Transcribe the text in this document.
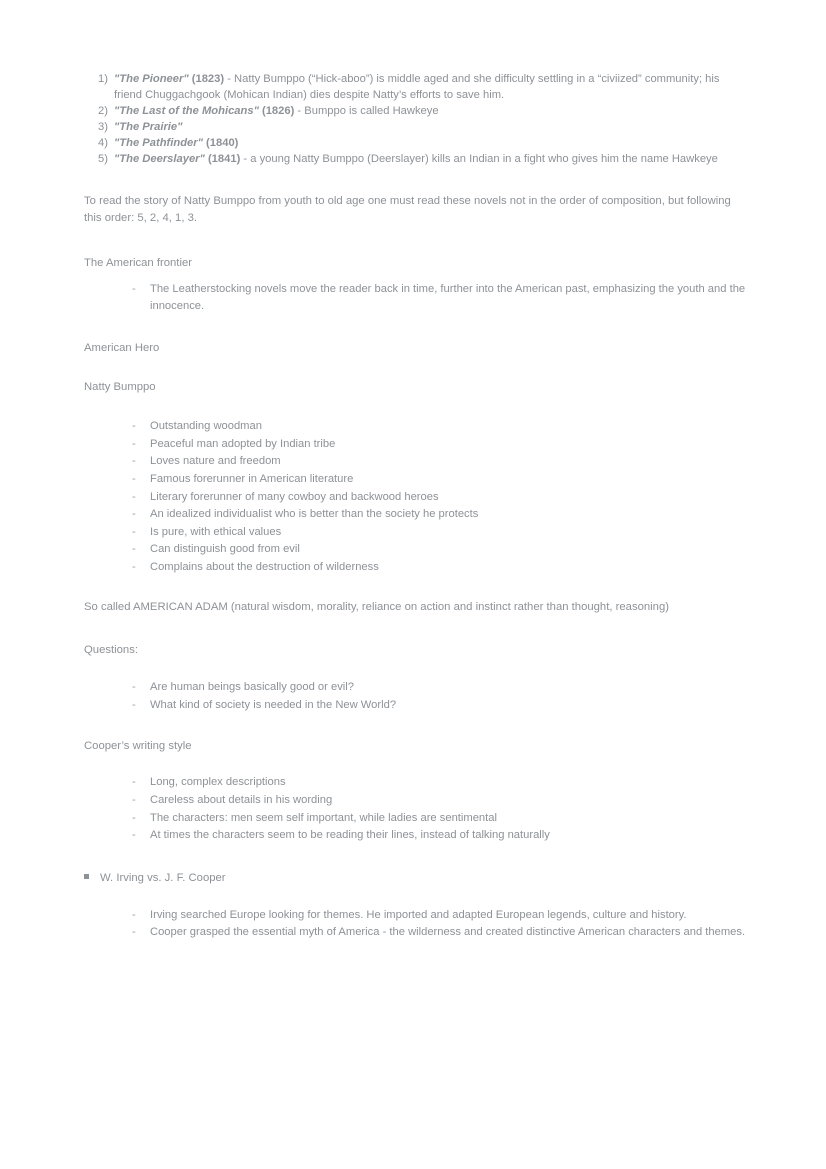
1) "The Pioneer" (1823) - Natty Bumppo (“Hick-aboo”) is middle aged and she difficulty settling in a “civiized” community; his friend Chuggachgook (Mohican Indian) dies despite Natty’s efforts to save him.
2) "The Last of the Mohicans" (1826) - Bumppo is called Hawkeye
3) "The Prairie"
4) "The Pathfinder" (1840)
5) "The Deerslayer" (1841) - a young Natty Bumppo (Deerslayer) kills an Indian in a fight who gives him the name Hawkeye

To read the story of Natty Bumppo from youth to old age one must read these novels not in the order of composition, but following this order: 5, 2, 4, 1, 3.

The American frontier

- The Leatherstocking novels move the reader back in time, further into the American past, emphasizing the youth and the innocence.

American Hero

Natty Bumppo

- Outstanding woodman
- Peaceful man adopted by Indian tribe
- Loves nature and freedom
- Famous forerunner in American literature
- Literary forerunner of many cowboy and backwood heroes
- An idealized individualist who is better than the society he protects
- Is pure, with ethical values
- Can distinguish good from evil
- Complains about the destruction of wilderness

So called AMERICAN ADAM (natural wisdom, morality, reliance on action and instinct rather than thought, reasoning)

Questions:

- Are human beings basically good or evil?
- What kind of society is needed in the New World?

Cooper’s writing style

- Long, complex descriptions
- Careless about details in his wording
- The characters: men seem self important, while ladies are sentimental
- At times the characters seem to be reading their lines, instead of talking naturally

W. Irving vs. J. F. Cooper

- Irving searched Europe looking for themes. He imported and adapted European legends, culture and history.
- Cooper grasped the essential myth of America - the wilderness and created distinctive American characters and themes.
